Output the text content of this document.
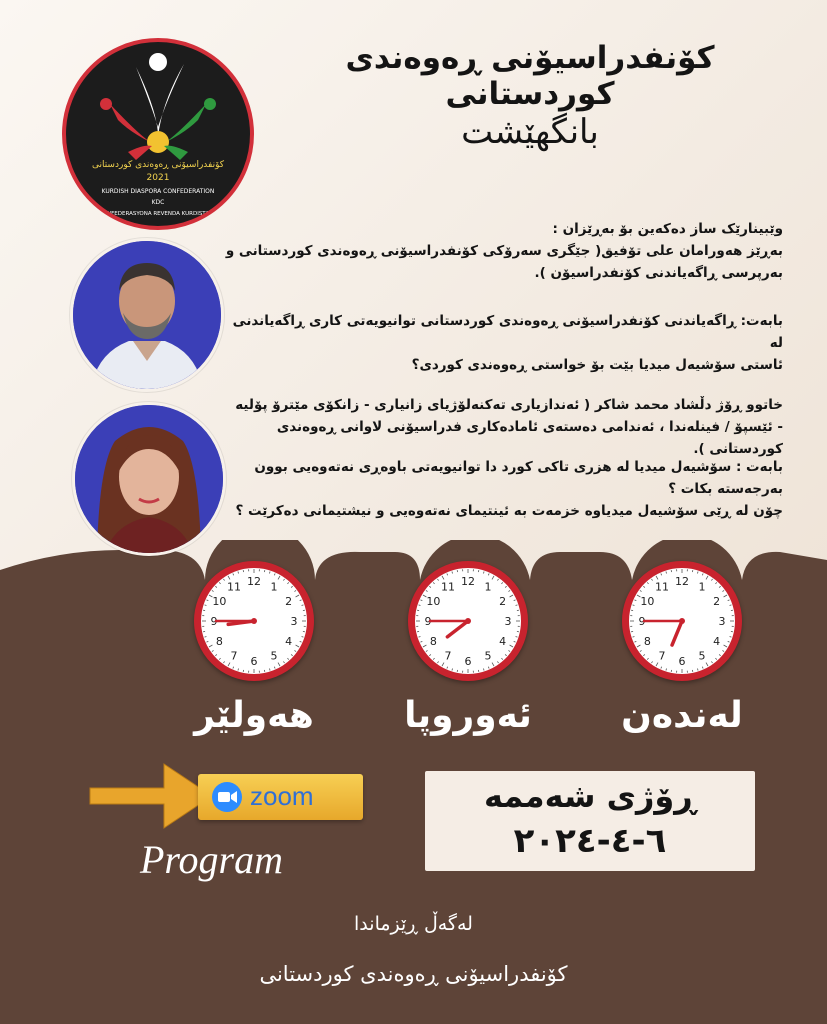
كۆنفدراسیۆنی ڕەوەندی كوردستانی
2021
KURDISH DIASPORA CONFEDERATION
KDC
KONFEDERASYONA REVENDA KURDISTANÊ
كۆنفدراسیۆنی ڕەوەندی كوردستانی
بانگهێشت
وێبینارێک ساز دەکەین بۆ بەڕێزان :
بەڕێز هەورامان علی تۆفیق( جێگری سەرۆکی كۆنفدراسیۆنی ڕەوەندی كوردستانی و
بەرپرسی ڕاگەیاندنی كۆنفدراسیۆن ).
بابەت: ڕاگەیاندنی كۆنفدراسیۆنی ڕەوەندی كوردستانی توانیویەتی كاری ڕاگەیاندنی لە
ئاستی سۆشیەل میدیا بێت بۆ خواستی ڕەوەندی كوردی؟
خاتوو ڕۆژ دڵشاد محمد شاکر ( ئەندازیاری تەکنەلۆژیای زانیاری - زانکۆی مێترۆ پۆلیە
- ئێسپۆ / فینلەندا ، ئەندامی دەستەی ئامادەکاری فدراسیۆنی لاوانی ڕەوەندی کوردستانی ).
بابەت : سۆشیەل میدیا لە هزری تاکی كورد دا توانیویەتی باوەڕی نەتەوەیی بوون
بەرجەستە بکات ؟
چۆن لە ڕێی سۆشیەل میدیاوە خزمەت بە ئینتیمای نەتەوەیی و نیشتیمانی دەكرێت ؟
1
2
3
4
5
6
7
8
9
10
11 12	1
2
3
4
5
6
7
8
9
10
11 12	1
2
3
4
5
6
7
8
9
10
11 12
هەولێر	ئەوروپا	لەندەن
zoom
Program
ڕۆژی شەممە
٦-٤-٢٠٢٤
لەگەڵ ڕێزماندا
كۆنفدراسیۆنی ڕەوەندی كوردستانی
